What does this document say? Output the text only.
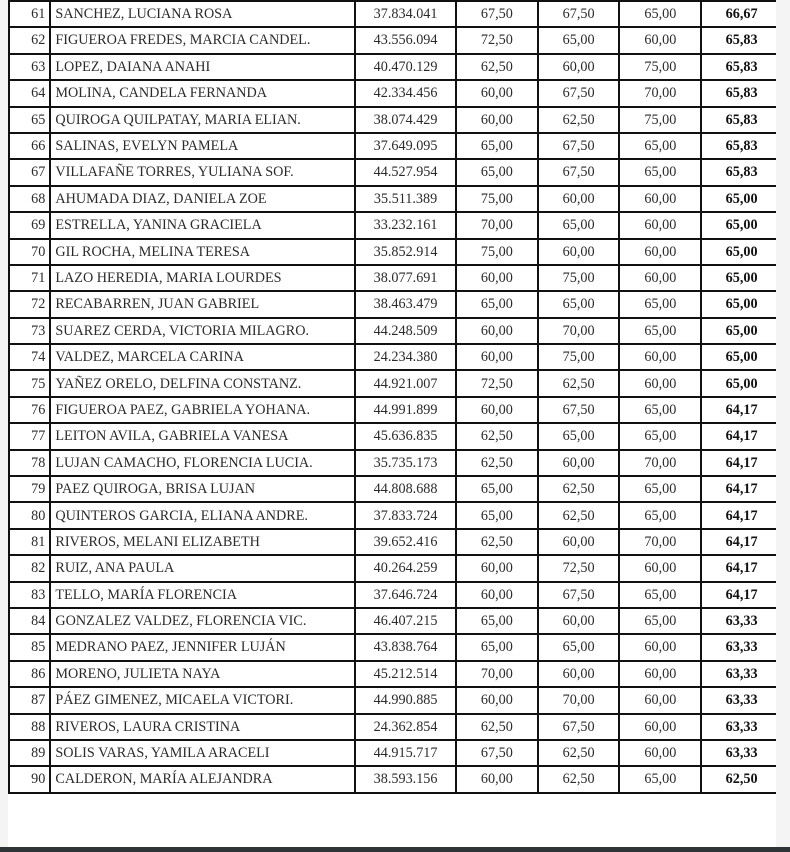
61	SANCHEZ, LUCIANA ROSA	37.834.041	67,50	67,50	65,00	66,67
62	FIGUEROA FREDES, MARCIA CANDEL.	43.556.094	72,50	65,00	60,00	65,83
63	LOPEZ, DAIANA ANAHI	40.470.129	62,50	60,00	75,00	65,83
64	MOLINA, CANDELA FERNANDA	42.334.456	60,00	67,50	70,00	65,83
65	QUIROGA QUILPATAY, MARIA ELIAN.	38.074.429	60,00	62,50	75,00	65,83
66	SALINAS, EVELYN PAMELA	37.649.095	65,00	67,50	65,00	65,83
67	VILLAFAÑE TORRES, YULIANA SOF.	44.527.954	65,00	67,50	65,00	65,83
68	AHUMADA DIAZ, DANIELA ZOE	35.511.389	75,00	60,00	60,00	65,00
69	ESTRELLA, YANINA GRACIELA	33.232.161	70,00	65,00	60,00	65,00
70	GIL ROCHA, MELINA TERESA	35.852.914	75,00	60,00	60,00	65,00
71	LAZO HEREDIA, MARIA LOURDES	38.077.691	60,00	75,00	60,00	65,00
72	RECABARREN, JUAN GABRIEL	38.463.479	65,00	65,00	65,00	65,00
73	SUAREZ CERDA, VICTORIA MILAGRO.	44.248.509	60,00	70,00	65,00	65,00
74	VALDEZ, MARCELA CARINA	24.234.380	60,00	75,00	60,00	65,00
75	YAÑEZ ORELO, DELFINA CONSTANZ.	44.921.007	72,50	62,50	60,00	65,00
76	FIGUEROA PAEZ, GABRIELA YOHANA.	44.991.899	60,00	67,50	65,00	64,17
77	LEITON AVILA, GABRIELA VANESA	45.636.835	62,50	65,00	65,00	64,17
78	LUJAN CAMACHO, FLORENCIA LUCIA.	35.735.173	62,50	60,00	70,00	64,17
79	PAEZ QUIROGA, BRISA LUJAN	44.808.688	65,00	62,50	65,00	64,17
80	QUINTEROS GARCIA, ELIANA ANDRE.	37.833.724	65,00	62,50	65,00	64,17
81	RIVEROS, MELANI ELIZABETH	39.652.416	62,50	60,00	70,00	64,17
82	RUIZ, ANA PAULA	40.264.259	60,00	72,50	60,00	64,17
83	TELLO, MARÍA FLORENCIA	37.646.724	60,00	67,50	65,00	64,17
84	GONZALEZ VALDEZ, FLORENCIA VIC.	46.407.215	65,00	60,00	65,00	63,33
85	MEDRANO PAEZ, JENNIFER LUJÁN	43.838.764	65,00	65,00	60,00	63,33
86	MORENO, JULIETA NAYA	45.212.514	70,00	60,00	60,00	63,33
87	PÁEZ GIMENEZ, MICAELA VICTORI.	44.990.885	60,00	70,00	60,00	63,33
88	RIVEROS, LAURA CRISTINA	24.362.854	62,50	67,50	60,00	63,33
89	SOLIS VARAS, YAMILA ARACELI	44.915.717	67,50	62,50	60,00	63,33
90	CALDERON, MARÍA ALEJANDRA	38.593.156	60,00	62,50	65,00	62,50
